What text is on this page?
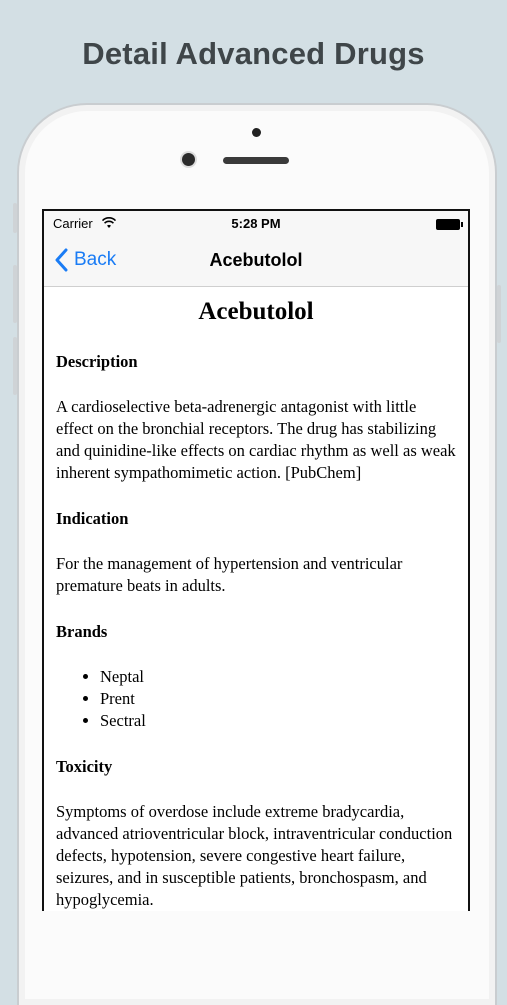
Detail Advanced Drugs
Carrier	5:28 PM
Back	Acebutolol
Acebutolol
Description
A cardioselective beta-adrenergic antagonist with little effect on the bronchial receptors. The drug has stabilizing and quinidine-like effects on cardiac rhythm as well as weak inherent sympathomimetic action. [PubChem]
Indication
For the management of hypertension and ventricular premature beats in adults.
Brands
• Neptal
• Prent
• Sectral
Toxicity
Symptoms of overdose include extreme bradycardia, advanced atrioventricular block, intraventricular conduction defects, hypotension, severe congestive heart failure, seizures, and in susceptible patients, bronchospasm, and hypoglycemia.
